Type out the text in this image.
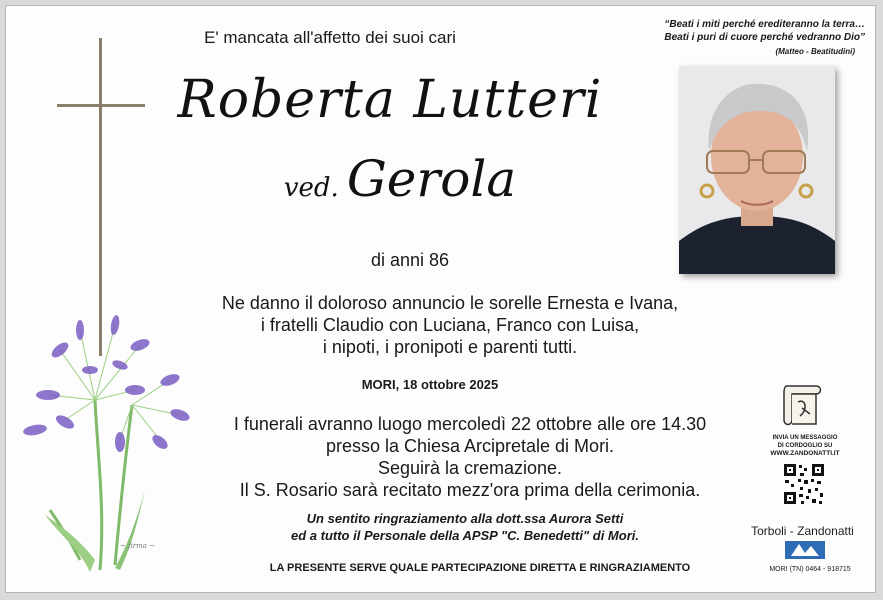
~ firma ~
E' mancata all'affetto dei suoi cari
Roberta Lutteri
ved. Gerola
di anni 86
Ne danno il doloroso annuncio le sorelle Ernesta e Ivana,
i fratelli Claudio con Luciana, Franco con Luisa,
i nipoti, i pronipoti e parenti tutti.
MORI, 18 ottobre 2025
I funerali avranno luogo mercoledì 22 ottobre alle ore 14.30
presso la Chiesa Arcipretale di Mori.
Seguirà la cremazione.
Il S. Rosario sarà recitato mezz'ora prima della cerimonia.
Un sentito ringraziamento alla dott.ssa Aurora Setti
ed a tutto il Personale della APSP "C. Benedetti" di Mori.
LA PRESENTE SERVE QUALE PARTECIPAZIONE DIRETTA E RINGRAZIAMENTO
“Beati i miti perché erediteranno la terra…
Beati i puri di cuore perché vedranno Dio”
(Matteo - Beatitudini)
INVIA UN MESSAGGIO
DI CORDOGLIO SU
WWW.ZANDONATTI.IT
Torboli - Zandonatti
MORI (TN) 0464 - 918715
